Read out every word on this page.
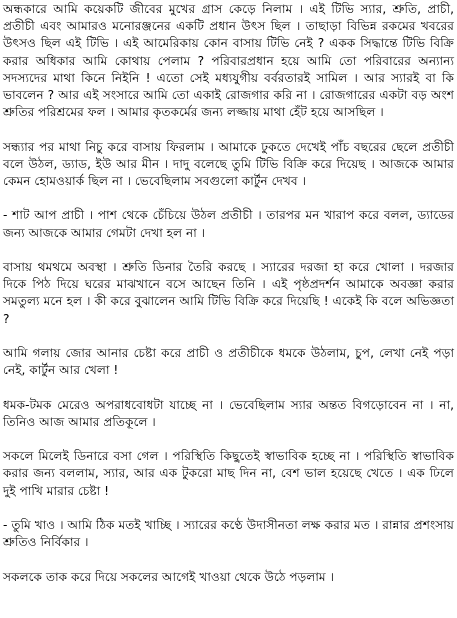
অন্ধকারে আমি কয়েকটি জীবের মুখের গ্রাস কেড়ে নিলাম । এই টিভি স্যার, শ্রুতি, প্রাচী, প্রতীচী এবং আমারও মনোরঞ্জনের একটি প্রধান উৎস ছিল । তাছাড়া বিভিন্ন রকমের খবরের উৎসও ছিল এই টিভি । এই আমেরিকায় কোন বাসায় টিভি নেই ? একক সিদ্ধান্তে টিভি বিক্রি করার অধিকার আমি কোথায় পেলাম ? পরিবারপ্রধান হয়ে আমি তো পরিবারের অন্যান্য সদস্যদের মাথা কিনে নিইনি ! এতো সেই মধ্যযুগীয় বর্বরতারই সামিল । আর স্যারই বা কি ভাবলেন ? আর এই সংসারে আমি তো একাই রোজগার করি না । রোজগারের একটা বড় অংশ শ্রুতির পরিশ্রমের ফল । আমার কৃতকর্মের জন্য লজ্জায় মাথা হেঁট হয়ে আসছিল ।

সন্ধ্যার পর মাথা নিচু করে বাসায় ফিরলাম । আমাকে ঢুকতে দেখেই পাঁচ বছরের ছেলে প্রতীচী বলে উঠল, ড্যাড, ইউ আর মীন । দাদু বলেছে তুমি টিভি বিক্রি করে দিয়েছ । আজকে আমার কেমন হোমওয়ার্ক ছিল না । ভেবেছিলাম সবগুলো কার্টুন দেখব ।

- শাট আপ প্রাচী । পাশ থেকে চেঁচিয়ে উঠল প্রতীচী । তারপর মন খারাপ করে বলল, ড্যাডের জন্য আজকে আমার গেমটা দেখা হল না ।

বাসায় থমথমে অবস্থা । শ্রুতি ডিনার তৈরি করছে । স্যারের দরজা হা করে খোলা । দরজার দিকে পিঠ দিয়ে ঘরের মাঝখানে বসে আছেন তিনি । এই পৃষ্ঠপ্রদর্শন আমাকে অবজ্ঞা করার সমতুল্য মনে হল । কী করে বুঝালেন আমি টিভি বিক্রি করে দিয়েছি ! একেই কি বলে অভিজ্ঞতা ?

আমি গলায় জোর আনার চেষ্টা করে প্রাচী ও প্রতীচীকে ধমকে উঠলাম, চুপ, লেখা নেই পড়া নেই, কার্টুন আর খেলা !

ধমক-টমক মেরেও অপরাধবোধটা যাচ্ছে না । ভেবেছিলাম স্যার অন্তত বিগড়োবেন না । না, তিনিও আজ আমার প্রতিকূলে ।

সকলে মিলেই ডিনারে বসা গেল । পরিস্থিতি কিছুতেই স্বাভাবিক হচ্ছে না । পরিস্থিতি স্বাভাবিক করার জন্য বললাম, স্যার, আর এক টুকরো মাছ দিন না, বেশ ভাল হয়েছে খেতে । এক ঢিলে দুই পাখি মারার চেষ্টা !

- তুমি খাও । আমি ঠিক মতই খাচ্ছি । স্যারের কণ্ঠে উদাসীনতা লক্ষ করার মত । রান্নার প্রশংসায় শ্রুতিও নির্বিকার ।

সকলকে তাক করে দিয়ে সকলের আগেই খাওয়া থেকে উঠে পড়লাম ।
